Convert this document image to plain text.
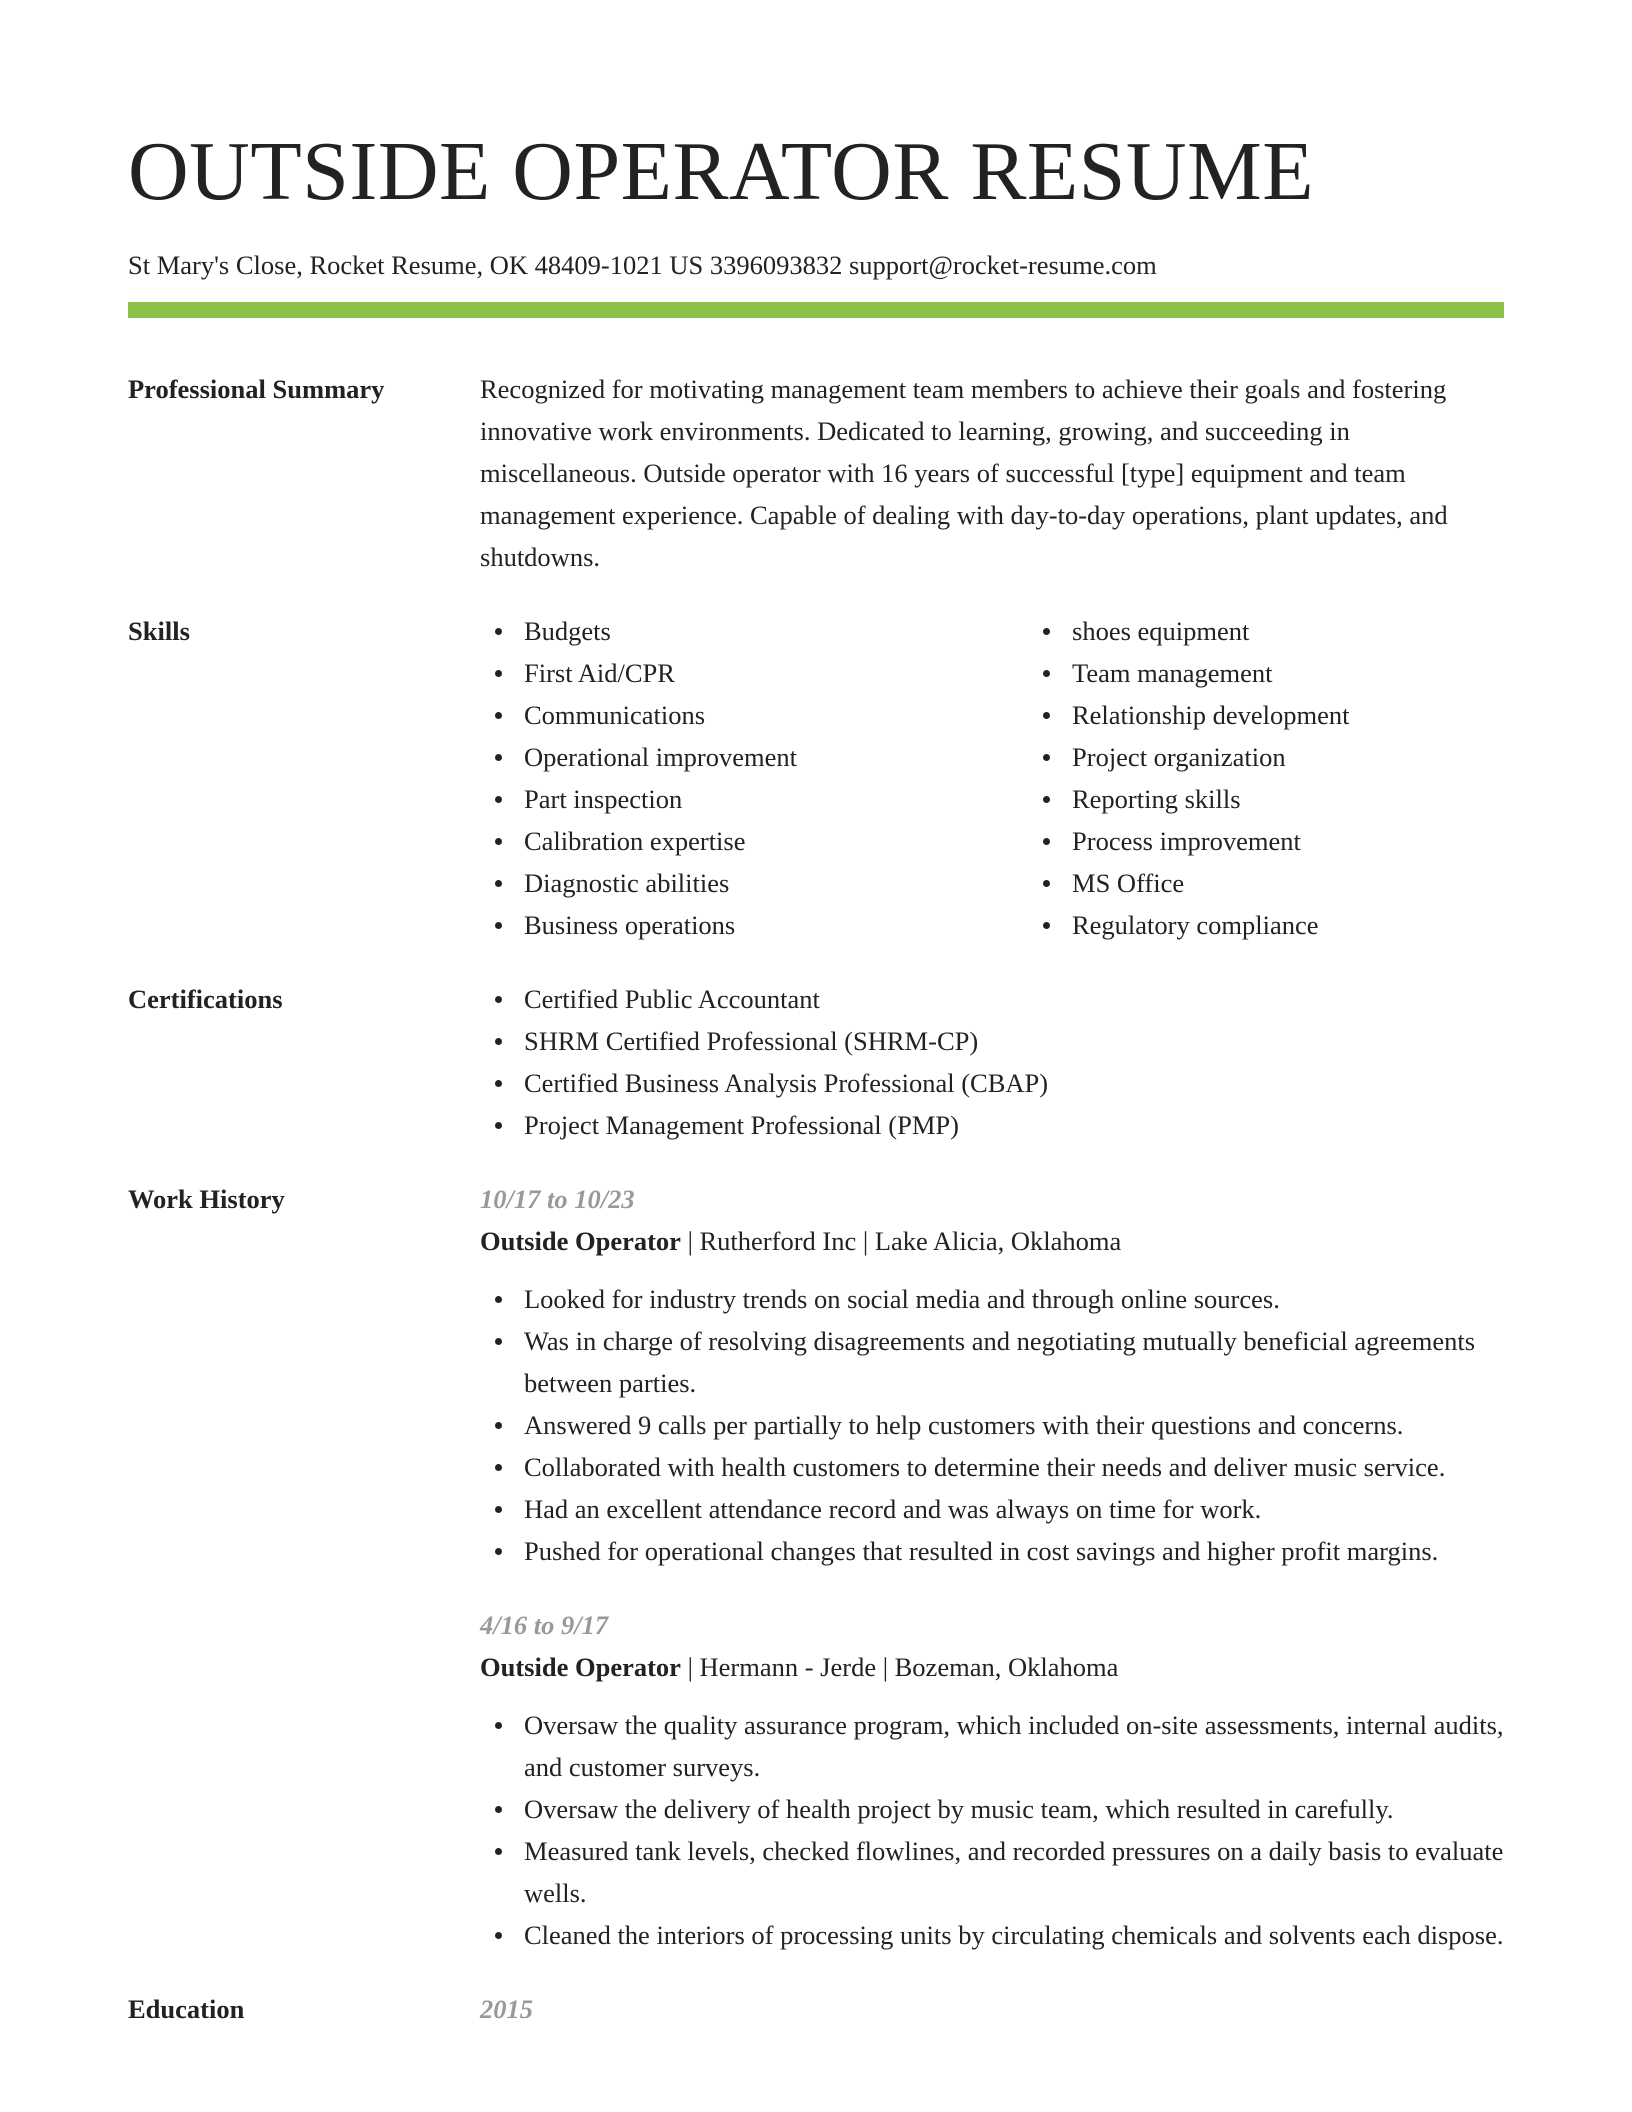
OUTSIDE OPERATOR RESUME
St Mary's Close, Rocket Resume, OK 48409-1021 US 3396093832 support@rocket-resume.com
Professional Summary	Recognized for motivating management team members to achieve their goals and fostering innovative work environments. Dedicated to learning, growing, and succeeding in miscellaneous. Outside operator with 16 years of successful [type] equipment and team management experience. Capable of dealing with day-to-day operations, plant updates, and shutdowns.
Skills	Budgets
First Aid/CPR
Communications
Operational improvement
Part inspection
Calibration expertise
Diagnostic abilities
Business operations
shoes equipment
Team management
Relationship development
Project organization
Reporting skills
Process improvement
MS Office
Regulatory compliance
Certifications	Certified Public Accountant
SHRM Certified Professional (SHRM-CP)
Certified Business Analysis Professional (CBAP)
Project Management Professional (PMP)
Work History	10/17 to 10/23
Outside Operator | Rutherford Inc | Lake Alicia, Oklahoma
Looked for industry trends on social media and through online sources.
Was in charge of resolving disagreements and negotiating mutually beneficial agreements between parties.
Answered 9 calls per partially to help customers with their questions and concerns.
Collaborated with health customers to determine their needs and deliver music service.
Had an excellent attendance record and was always on time for work.
Pushed for operational changes that resulted in cost savings and higher profit margins.
4/16 to 9/17
Outside Operator | Hermann - Jerde | Bozeman, Oklahoma
Oversaw the quality assurance program, which included on-site assessments, internal audits, and customer surveys.
Oversaw the delivery of health project by music team, which resulted in carefully.
Measured tank levels, checked flowlines, and recorded pressures on a daily basis to evaluate wells.
Cleaned the interiors of processing units by circulating chemicals and solvents each dispose.
Education	2015
